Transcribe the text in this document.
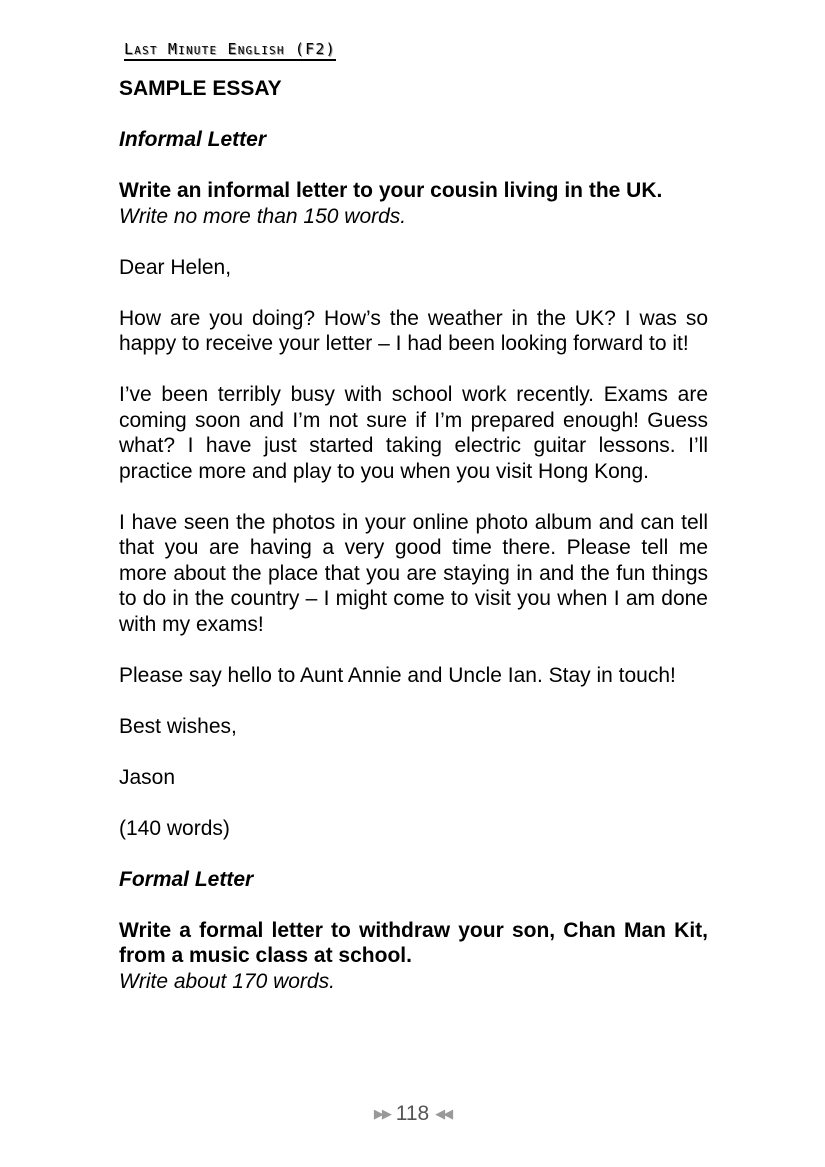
Last Minute English (F2)

SAMPLE ESSAY

Informal Letter

Write an informal letter to your cousin living in the UK.

Write no more than 150 words.

Dear Helen,

How are you doing? How’s the weather in the UK? I was so happy to receive your letter – I had been looking forward to it!

I’ve been terribly busy with school work recently. Exams are coming soon and I’m not sure if I’m prepared enough! Guess what? I have just started taking electric guitar lessons. I’ll practice more and play to you when you visit Hong Kong.

I have seen the photos in your online photo album and can tell that you are having a very good time there. Please tell me more about the place that you are staying in and the fun things to do in the country – I might come to visit you when I am done with my exams!

Please say hello to Aunt Annie and Uncle Ian. Stay in touch!

Best wishes,

Jason

(140 words)

Formal Letter

Write a formal letter to withdraw your son, Chan Man Kit, from a music class at school.

Write about 170 words.

▶▶ 118 ◀◀
